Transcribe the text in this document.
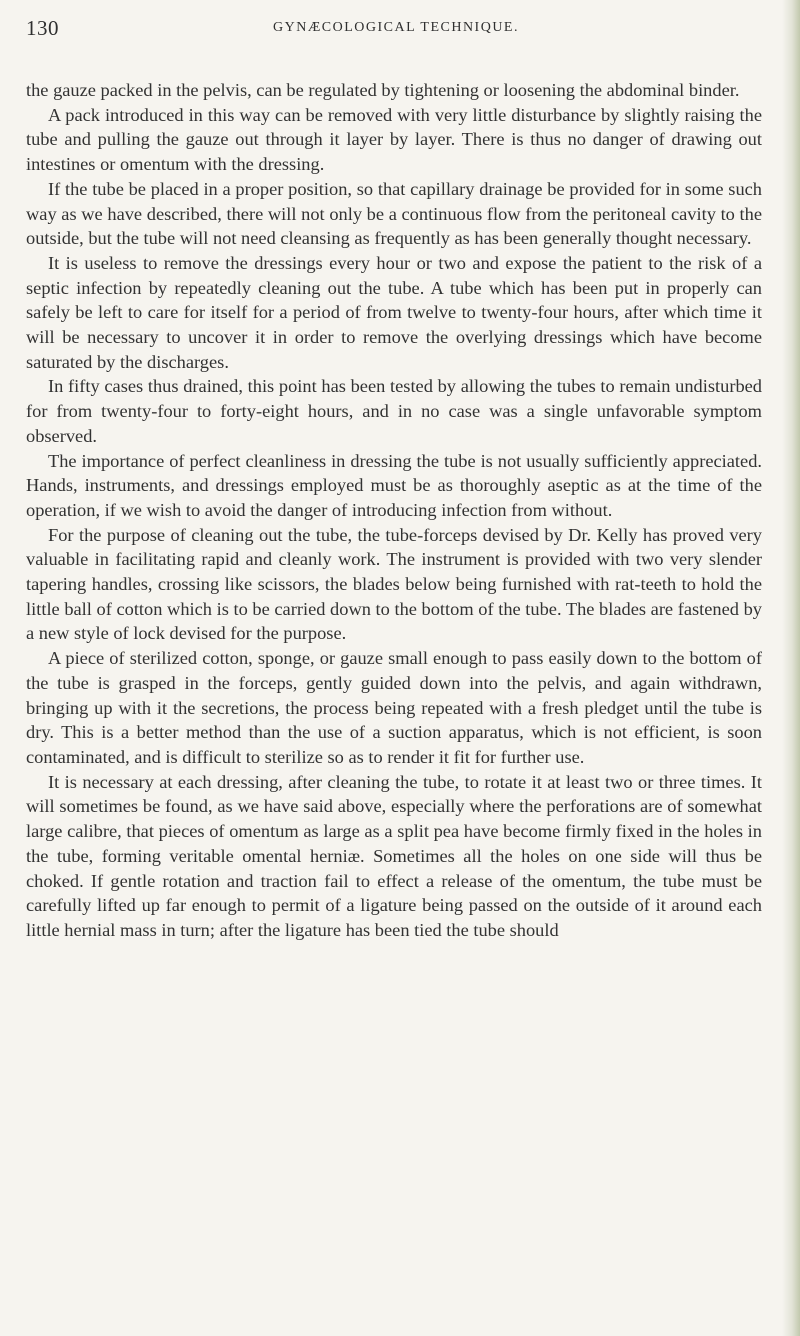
130	GYNÆCOLOGICAL TECHNIQUE.

the gauze packed in the pelvis, can be regulated by tightening or loosening the abdominal binder.

A pack introduced in this way can be removed with very little disturbance by slightly raising the tube and pulling the gauze out through it layer by layer. There is thus no danger of drawing out intestines or omentum with the dressing.

If the tube be placed in a proper position, so that capillary drainage be provided for in some such way as we have described, there will not only be a continuous flow from the peritoneal cavity to the outside, but the tube will not need cleansing as frequently as has been generally thought necessary.

It is useless to remove the dressings every hour or two and expose the patient to the risk of a septic infection by repeatedly cleaning out the tube. A tube which has been put in properly can safely be left to care for itself for a period of from twelve to twenty-four hours, after which time it will be necessary to uncover it in order to remove the overlying dressings which have become saturated by the discharges.

In fifty cases thus drained, this point has been tested by allowing the tubes to remain undisturbed for from twenty-four to forty-eight hours, and in no case was a single unfavorable symptom observed.

The importance of perfect cleanliness in dressing the tube is not usually sufficiently appreciated. Hands, instruments, and dressings employed must be as thoroughly aseptic as at the time of the operation, if we wish to avoid the danger of introducing infection from without.

For the purpose of cleaning out the tube, the tube-forceps devised by Dr. Kelly has proved very valuable in facilitating rapid and cleanly work. The instrument is provided with two very slender tapering handles, crossing like scissors, the blades below being furnished with rat-teeth to hold the little ball of cotton which is to be carried down to the bottom of the tube. The blades are fastened by a new style of lock devised for the purpose.

A piece of sterilized cotton, sponge, or gauze small enough to pass easily down to the bottom of the tube is grasped in the forceps, gently guided down into the pelvis, and again withdrawn, bringing up with it the secretions, the process being repeated with a fresh pledget until the tube is dry. This is a better method than the use of a suction apparatus, which is not efficient, is soon contaminated, and is difficult to sterilize so as to render it fit for further use.

It is necessary at each dressing, after cleaning the tube, to rotate it at least two or three times. It will sometimes be found, as we have said above, especially where the perforations are of somewhat large calibre, that pieces of omentum as large as a split pea have become firmly fixed in the holes in the tube, forming veritable omental herniæ. Sometimes all the holes on one side will thus be choked. If gentle rotation and traction fail to effect a release of the omentum, the tube must be carefully lifted up far enough to permit of a ligature being passed on the outside of it around each little hernial mass in turn; after the ligature has been tied the tube should
